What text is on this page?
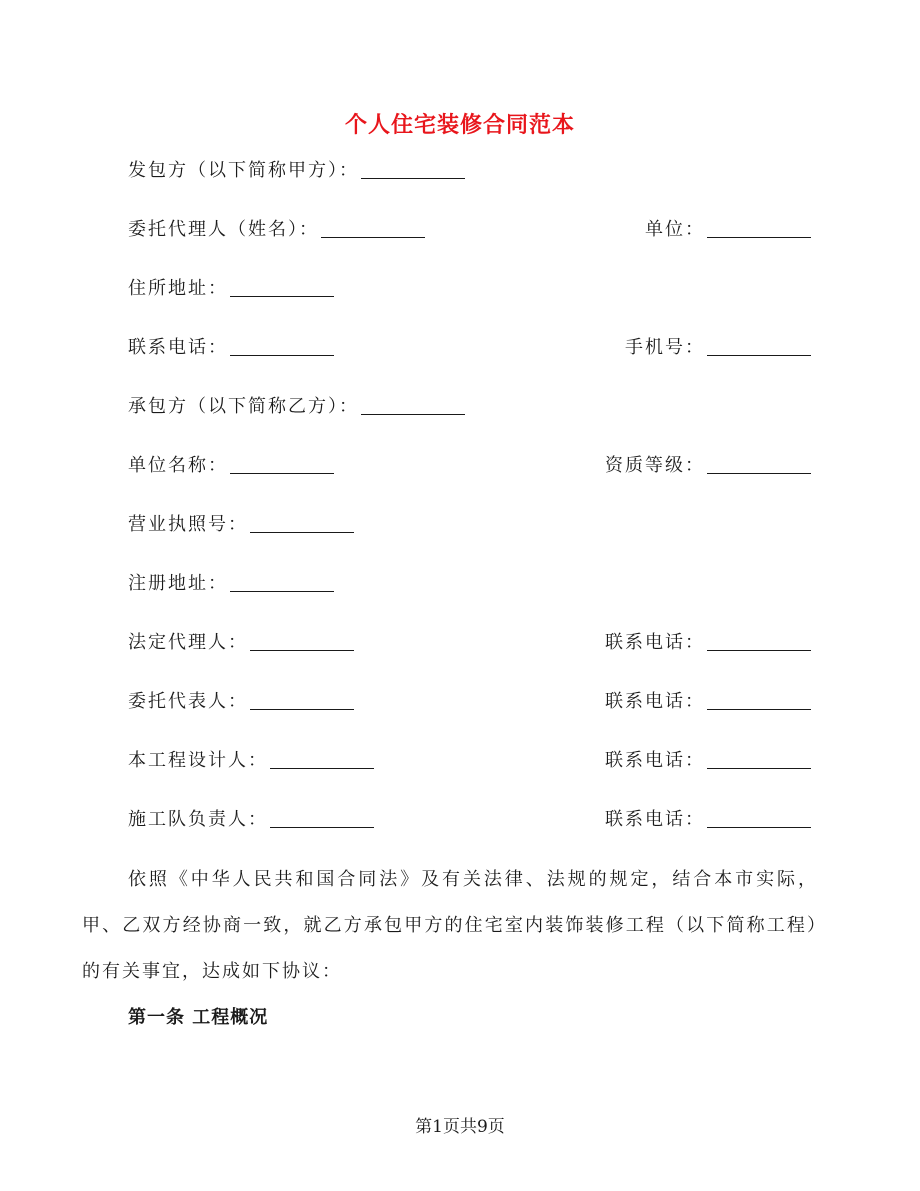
个人住宅装修合同范本
发包方（以下简称甲方）：
委托代理人（姓名）：	单位：
住所地址：
联系电话：	手机号：
承包方（以下简称乙方）：
单位名称：	资质等级：
营业执照号：
注册地址：
法定代理人：	联系电话：
委托代表人：	联系电话：
本工程设计人：	联系电话：
施工队负责人：	联系电话：
依照《中华人民共和国合同法》及有关法律、法规的规定，结合本市实际，甲、乙双方经协商一致，就乙方承包甲方的住宅室内装饰装修工程（以下简称工程）的有关事宜，达成如下协议：
第一条 工程概况
第1页共9页
